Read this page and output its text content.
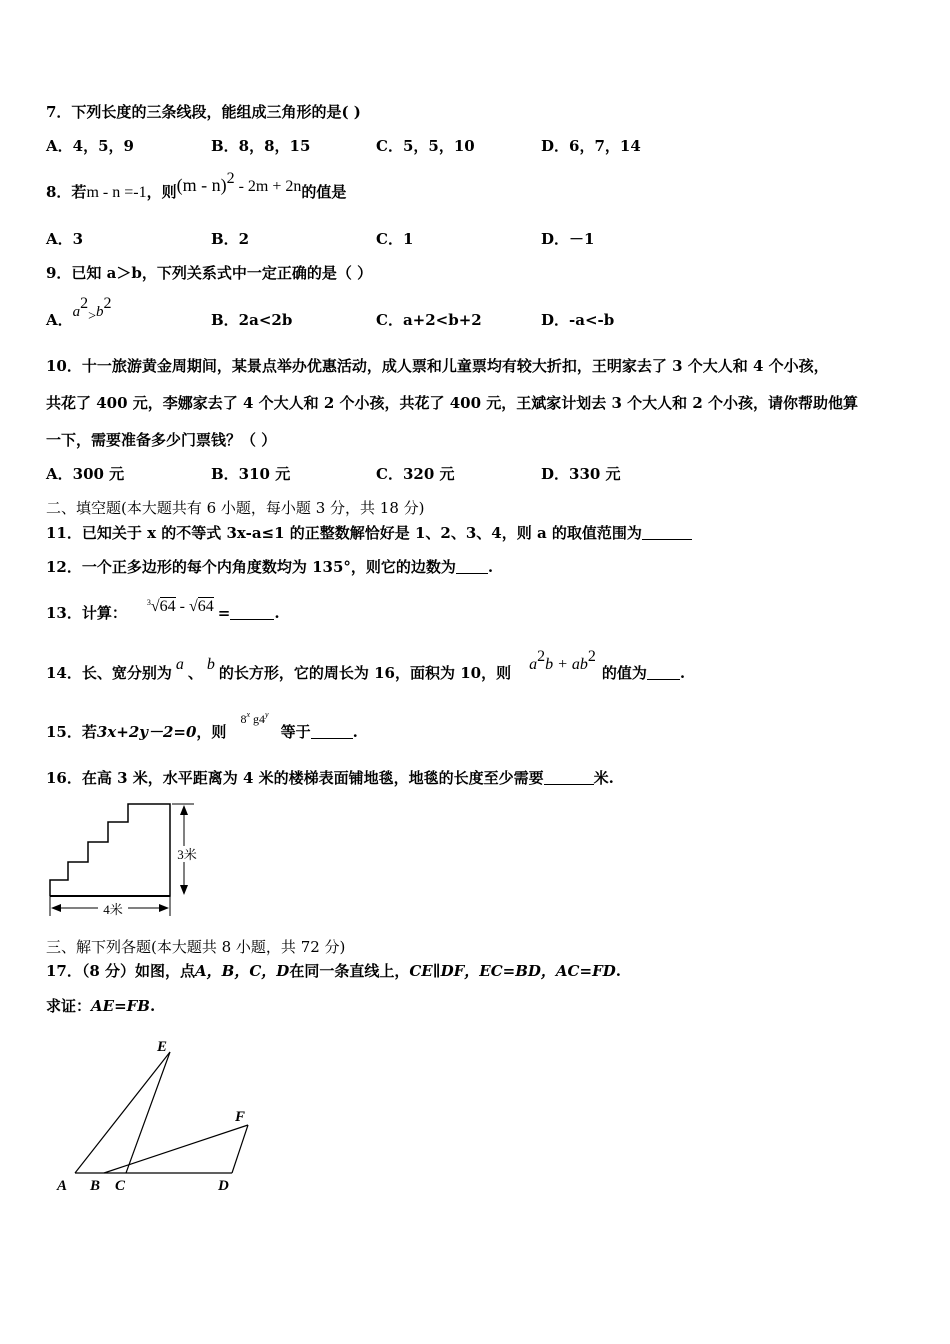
7．下列长度的三条线段，能组成三角形的是( )
A．4，5，9	B．8，8，15	C．5，5，10	D．6，7，14
8．若m - n =-1，则(m - n)$^2$ - 2m + 2n的值是
A．3	B．2	C．1	D．－1
9．已知 a＞b，下列关系式中一定正确的是（ ）
A．$a^2>b^2$
B．2a<2b	C．a+2<b+2	D．-a<-b
10．十一旅游黄金周期间，某景点举办优惠活动，成人票和儿童票均有较大折扣，王明家去了 3 个大人和 4 个小孩，
共花了 400 元，李娜家去了 4 个大人和 2 个小孩，共花了 400 元，王斌家计划去 3 个大人和 2 个小孩，请你帮助他算
一下，需要准备多少门票钱？（ ）
A．300 元	B．310 元	C．320 元	D．330 元
二、填空题(本大题共有 6 小题，每小题 3 分，共 18 分)
11．已知关于 x 的不等式 3x-a≤1 的正整数解恰好是 1、2、3、4，则 a 的取值范围为
12．一个正多边形的每个内角度数均为 135°，则它的边数为 .
13．计算：$^3$√64 - √64 =	.
14．长、宽分别为 a 、 b 的长方形，它的周长为 16，面积为 10，则 $a^2b + ab^2$的值为 .
15．若3x+2y－2=0，则$^{8x}$ $^{g4y}$等于	.
16．在高 3 米，水平距离为 4 米的楼梯表面铺地毯，地毯的长度至少需要	米.
4米
3米
三、解下列各题(本大题共 8 小题，共 72 分)
17．（8 分）如图，点A，B，C，D在同一条直线上，CE∥DF，EC=BD，AC=FD.
求证：AE=FB.
E
F
A B C	D
